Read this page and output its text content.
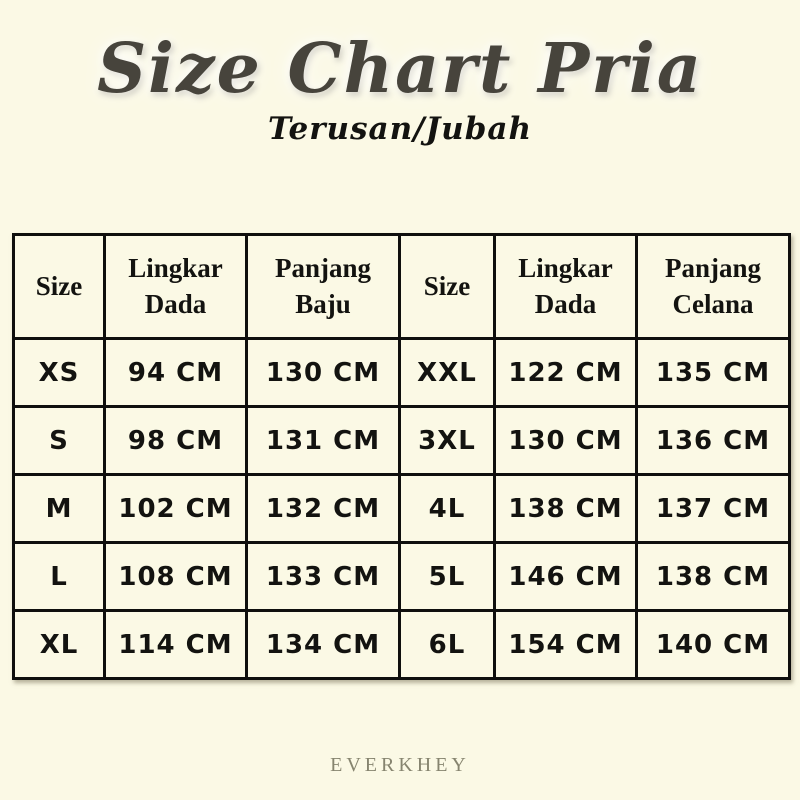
Size Chart Pria
Terusan/Jubah
Size	Lingkar Dada	Panjang Baju	Size	Lingkar Dada	Panjang Celana
XS	94 CM	130 CM	XXL	122 CM	135 CM
S	98 CM	131 CM	3XL	130 CM	136 CM
M	102 CM	132 CM	4L	138 CM	137 CM
L	108 CM	133 CM	5L	146 CM	138 CM
XL	114 CM	134 CM	6L	154 CM	140 CM
EVERKHEY
